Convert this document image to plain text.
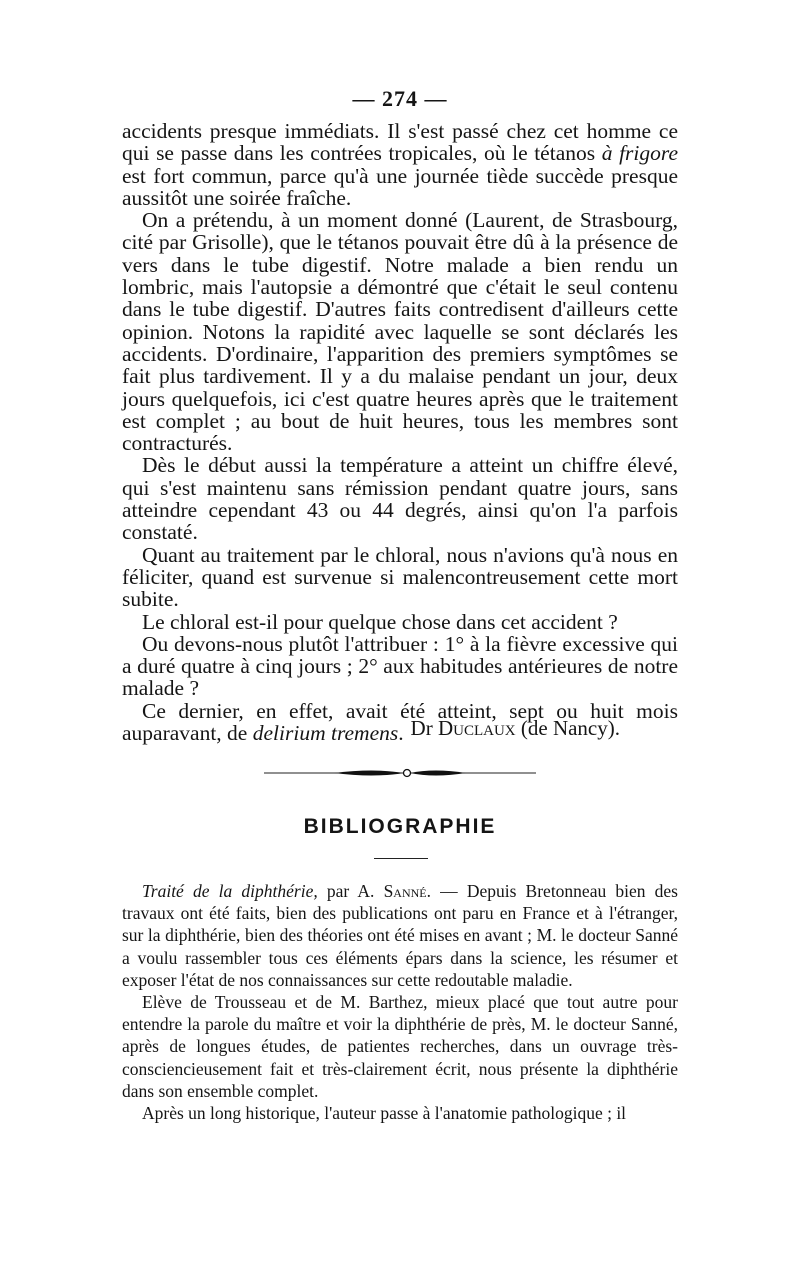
— 274 —

accidents presque immédiats. Il s'est passé chez cet homme ce qui se passe dans les contrées tropicales, où le tétanos à frigore est fort commun, parce qu'à une journée tiède succède presque aussitôt une soirée fraîche.

On a prétendu, à un moment donné (Laurent, de Strasbourg, cité par Grisolle), que le tétanos pouvait être dû à la présence de vers dans le tube digestif. Notre malade a bien rendu un lombric, mais l'autopsie a démontré que c'était le seul contenu dans le tube digestif. D'autres faits contredisent d'ailleurs cette opinion. Notons la rapidité avec laquelle se sont déclarés les accidents. D'ordinaire, l'apparition des premiers symptômes se fait plus tardivement. Il y a du malaise pendant un jour, deux jours quelquefois, ici c'est quatre heures après que le traitement est complet ; au bout de huit heures, tous les membres sont contracturés.

Dès le début aussi la température a atteint un chiffre élevé, qui s'est maintenu sans rémission pendant quatre jours, sans atteindre cependant 43 ou 44 degrés, ainsi qu'on l'a parfois constaté.

Quant au traitement par le chloral, nous n'avions qu'à nous en féliciter, quand est survenue si malencontreusement cette mort subite.

Le chloral est-il pour quelque chose dans cet accident ?

Ou devons-nous plutôt l'attribuer : 1° à la fièvre excessive qui a duré quatre à cinq jours ; 2° aux habitudes antérieures de notre malade ?

Ce dernier, en effet, avait été atteint, sept ou huit mois auparavant, de delirium tremens. Dr Duclaux (de Nancy).
BIBLIOGRAPHIE

Traité de la diphthérie, par A. Sanné. — Depuis Bretonneau bien des travaux ont été faits, bien des publications ont paru en France et à l'étranger, sur la diphthérie, bien des théories ont été mises en avant ; M. le docteur Sanné a voulu rassembler tous ces éléments épars dans la science, les résumer et exposer l'état de nos connaissances sur cette redoutable maladie.

Elève de Trousseau et de M. Barthez, mieux placé que tout autre pour entendre la parole du maître et voir la diphthérie de près, M. le docteur Sanné, après de longues études, de patientes recherches, dans un ouvrage très-consciencieusement fait et très-clairement écrit, nous présente la diphthérie dans son ensemble complet.

Après un long historique, l'auteur passe à l'anatomie pathologique ; il
